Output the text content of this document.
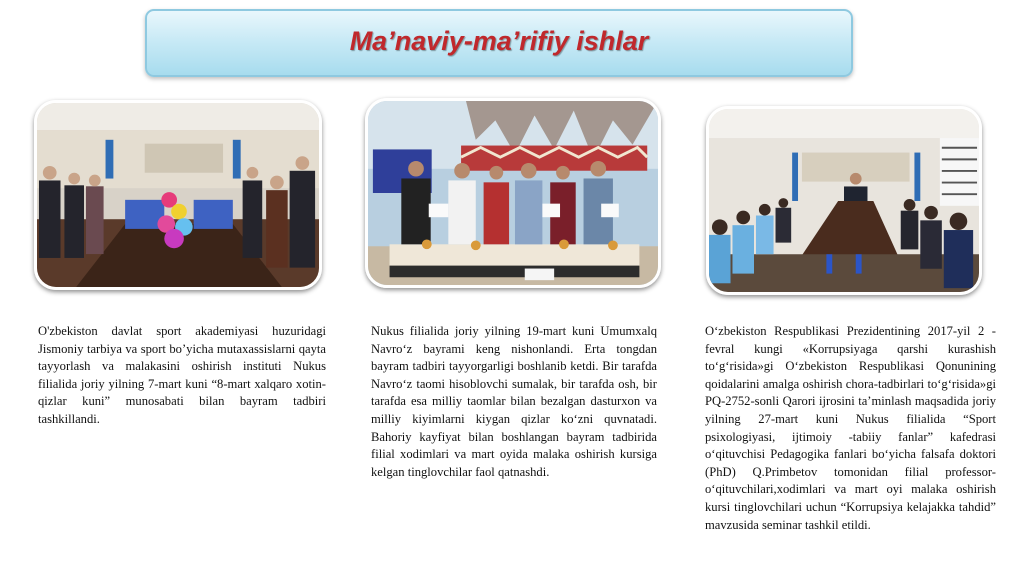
Ma’naviy-ma’rifiy ishlar

O'zbekiston davlat sport akademiyasi huzuridagi Jismoniy tarbiya va sport bo’yicha mutaxassislarni qayta tayyorlash va malakasini oshirish instituti Nukus filialida joriy yilning 7-mart kuni “8-mart xalqaro xotin-qizlar kuni” munosabati bilan bayram tadbiri tashkillandi.

Nukus filialida joriy yilning 19-mart kuni Umumxalq Navro‘z bayrami keng nishonlandi. Erta tongdan bayram tadbiri tayyorgarligi boshlanib ketdi. Bir tarafda Navro‘z taomi hisoblovchi sumalak, bir tarafda osh, bir tarafda esa milliy taomlar bilan bezalgan dasturxon va milliy kiyimlarni kiygan qizlar ko‘zni quvnatadi. Bahoriy kayfiyat bilan boshlangan bayram tadbirida filial xodimlari va mart oyida malaka oshirish kursiga kelgan tinglovchilar faol qatnashdi.

O‘zbekiston Respublikasi Prezidentining 2017-yil 2 -fevral kungi «Korrupsiyaga qarshi kurashish to‘g‘risida»gi O‘zbekiston Respublikasi Qonunining qoidalarini amalga oshirish chora-tadbirlari to‘g‘risida»gi PQ-2752-sonli Qarori ijrosini ta’minlash maqsadida joriy yilning 27-mart kuni Nukus filialida “Sport psixologiyasi, ijtimoiy -tabiiy fanlar” kafedrasi o‘qituvchisi Pedagogika fanlari bo‘yicha falsafa doktori (PhD) Q.Primbetov tomonidan filial professor-o‘qituvchilari,xodimlari va mart oyi malaka oshirish kursi tinglovchilari uchun “Korrupsiya kelajakka tahdid” mavzusida seminar tashkil etildi.
